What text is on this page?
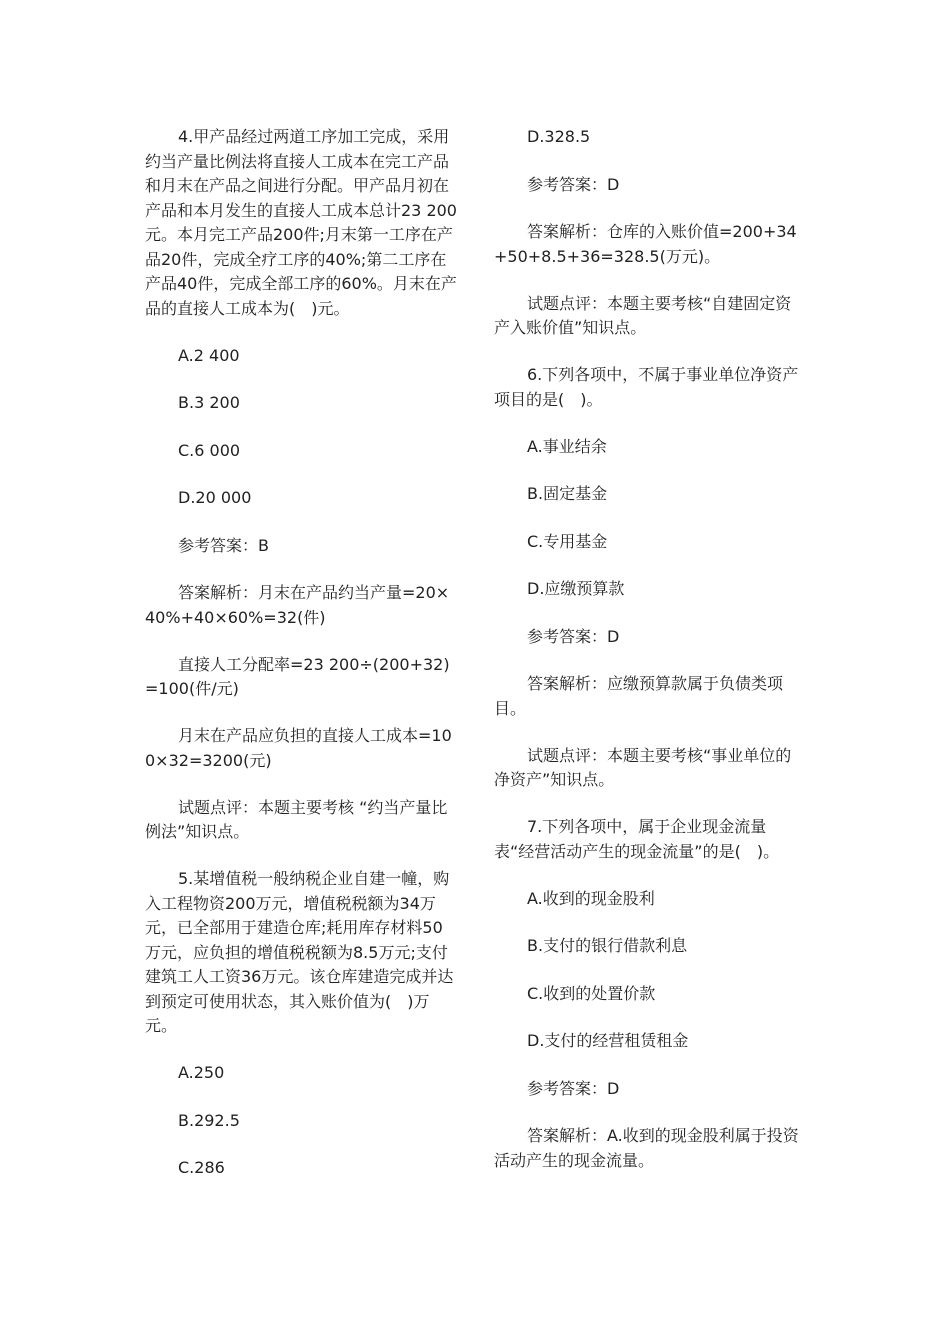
4.甲产品经过两道工序加工完成，采用约当产量比例法将直接人工成本在完工产品和月末在产品之间进行分配。甲产品月初在产品和本月发生的直接人工成本总计23 200元。本月完工产品200件;月末第一工序在产品20件，完成全疗工序的40%;第二工序在产品40件，完成全部工序的60%。月末在产品的直接人工成本为(　)元。

A.2 400

B.3 200

C.6 000

D.20 000

参考答案：B

答案解析：月末在产品约当产量=20×40%+40×60%=32(件)

直接人工分配率=23 200÷(200+32)=100(件/元)

月末在产品应负担的直接人工成本=100×32=3200(元)

试题点评：本题主要考核 “约当产量比例法”知识点。

5.某增值税一般纳税企业自建一幢，购入工程物资200万元，增值税税额为34万元，已全部用于建造仓库;耗用库存材料50万元，应负担的增值税税额为8.5万元;支付建筑工人工资36万元。该仓库建造完成并达到预定可使用状态，其入账价值为(　)万元。

A.250

B.292.5

C.286

D.328.5

参考答案：D

答案解析：仓库的入账价值=200+34+50+8.5+36=328.5(万元)。

试题点评：本题主要考核“自建固定资产入账价值”知识点。

6.下列各项中，不属于事业单位净资产项目的是(　)。

A.事业结余

B.固定基金

C.专用基金

D.应缴预算款

参考答案：D

答案解析：应缴预算款属于负债类项目。

试题点评：本题主要考核“事业单位的净资产”知识点。

7.下列各项中，属于企业现金流量表“经营活动产生的现金流量”的是(　)。

A.收到的现金股利

B.支付的银行借款利息

C.收到的处置价款

D.支付的经营租赁租金

参考答案：D

答案解析：A.收到的现金股利属于投资活动产生的现金流量。
